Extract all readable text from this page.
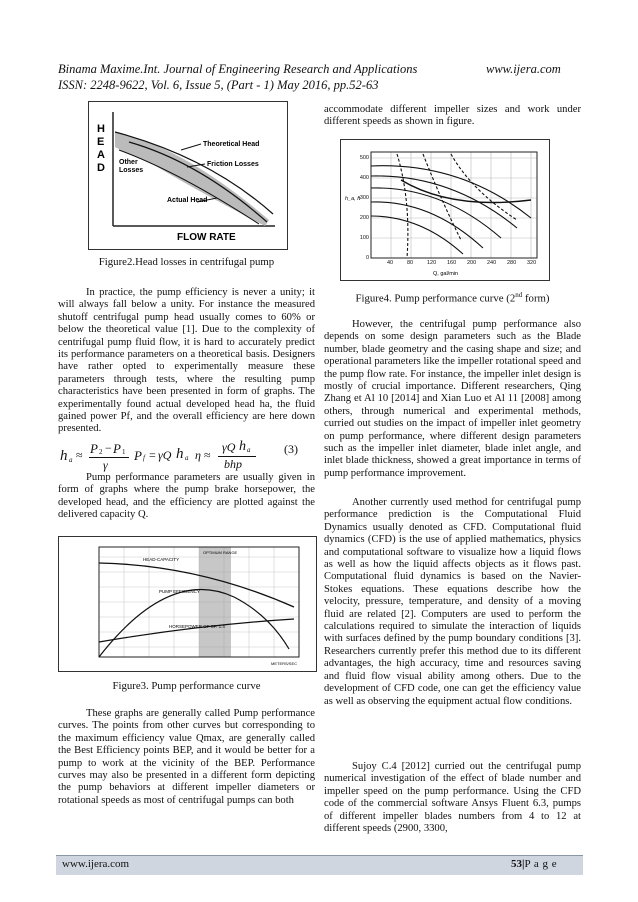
Binama Maxime.Int. Journal of Engineering Research and Applications	www.ijera.com
ISSN: 2248-9622, Vol. 6, Issue 5, (Part - 1) May 2016, pp.52-63
H
E
A
D
Theoretical Head
Other
Losses
Friction Losses
Actual Head
FLOW RATE
Figure2.Head losses in centrifugal pump

In practice, the pump efficiency is never a unity; it will always fall below a unity. For instance the measured shutoff centrifugal pump head usually comes to 60% or below the theoretical value [1]. Due to the complexity of centrifugal pump fluid flow, it is hard to accurately predict its performance parameters on a theoretical basis. Designers have rather opted to experimentally measure these parameters through tests, where the resulting pump characteristics have been presented in form of graphs. The experimentally found actual developed head ha, the fluid gained power Pf, and the overall efficiency are here down presented.

h a ≈ P 2 − P 1
γ
P f = γQ h a η ≈
γQ h a
bhp
(3)

Pump performance parameters are usually given in form of graphs where the pump brake horsepower, the developed head, and the efficiency are plotted against the delivered capacity Q.

HEAD-CAPACITY
PUMP EFFICIENCY
HORSEPOWER OF SP. 1.4
OPTIMUM RANGE
METERS/SEC
Figure3. Pump performance curve

These graphs are generally called Pump performance curves. The points from other curves but corresponding to the maximum efficiency value Qmax, are generally called the Best Efficiency points BEP, and it would be better for a pump to work at the vicinity of the BEP. Performance curves may also be presented in a different form depicting the pump behaviors at different impeller diameters or rotational speeds as most of centrifugal pumps can both

accommodate different impeller sizes and work under different speeds as shown in figure.

h_a, ft
Q, gal/min
500
400
300
200
100
0
40	80	120 160 200 240 280 320
Figure4. Pump performance curve (2nd form)

However, the centrifugal pump performance also depends on some design parameters such as the Blade number, blade geometry and the casing shape and size; and operational parameters like the impeller rotational speed and the pump flow rate. For instance, the impeller inlet design is mostly of crucial importance. Different researchers, Qing Zhang et Al 10 [2014] and Xian Luo et Al 11 [2008] among others, through numerical and experimental methods, curried out studies on the impact of impeller inlet geometry on pump performance, where different design parameters such as the impeller inlet diameter, blade inlet angle, and inlet blade thickness, showed a great importance in terms of pump performance improvement.

Another currently used method for centrifugal pump performance prediction is the Computational Fluid Dynamics usually denoted as CFD. Computational fluid dynamics (CFD) is the use of applied mathematics, physics and computational software to visualize how a liquid flows as well as how the liquid affects objects as it flows past. Computational fluid dynamics is based on the Navier-Stokes equations. These equations describe how the velocity, pressure, temperature, and density of a moving fluid are related [2]. Computers are used to perform the calculations required to simulate the interaction of liquids with surfaces defined by the pump boundary conditions [3]. Researchers currently prefer this method due to its different advantages, the high accuracy, time and resources saving and fluid flow visual ability among others. Due to the development of CFD code, one can get the efficiency value as well as observing the equipment actual flow conditions.

Sujoy C.4 [2012] curried out the centrifugal pump numerical investigation of the effect of blade number and impeller speed on the pump performance. Using the CFD code of the commercial software Ansys Fluent 6.3, pumps of different impeller blades numbers from 4 to 12 at different speeds (2900, 3300,

www.ijera.com	53|P a g e
